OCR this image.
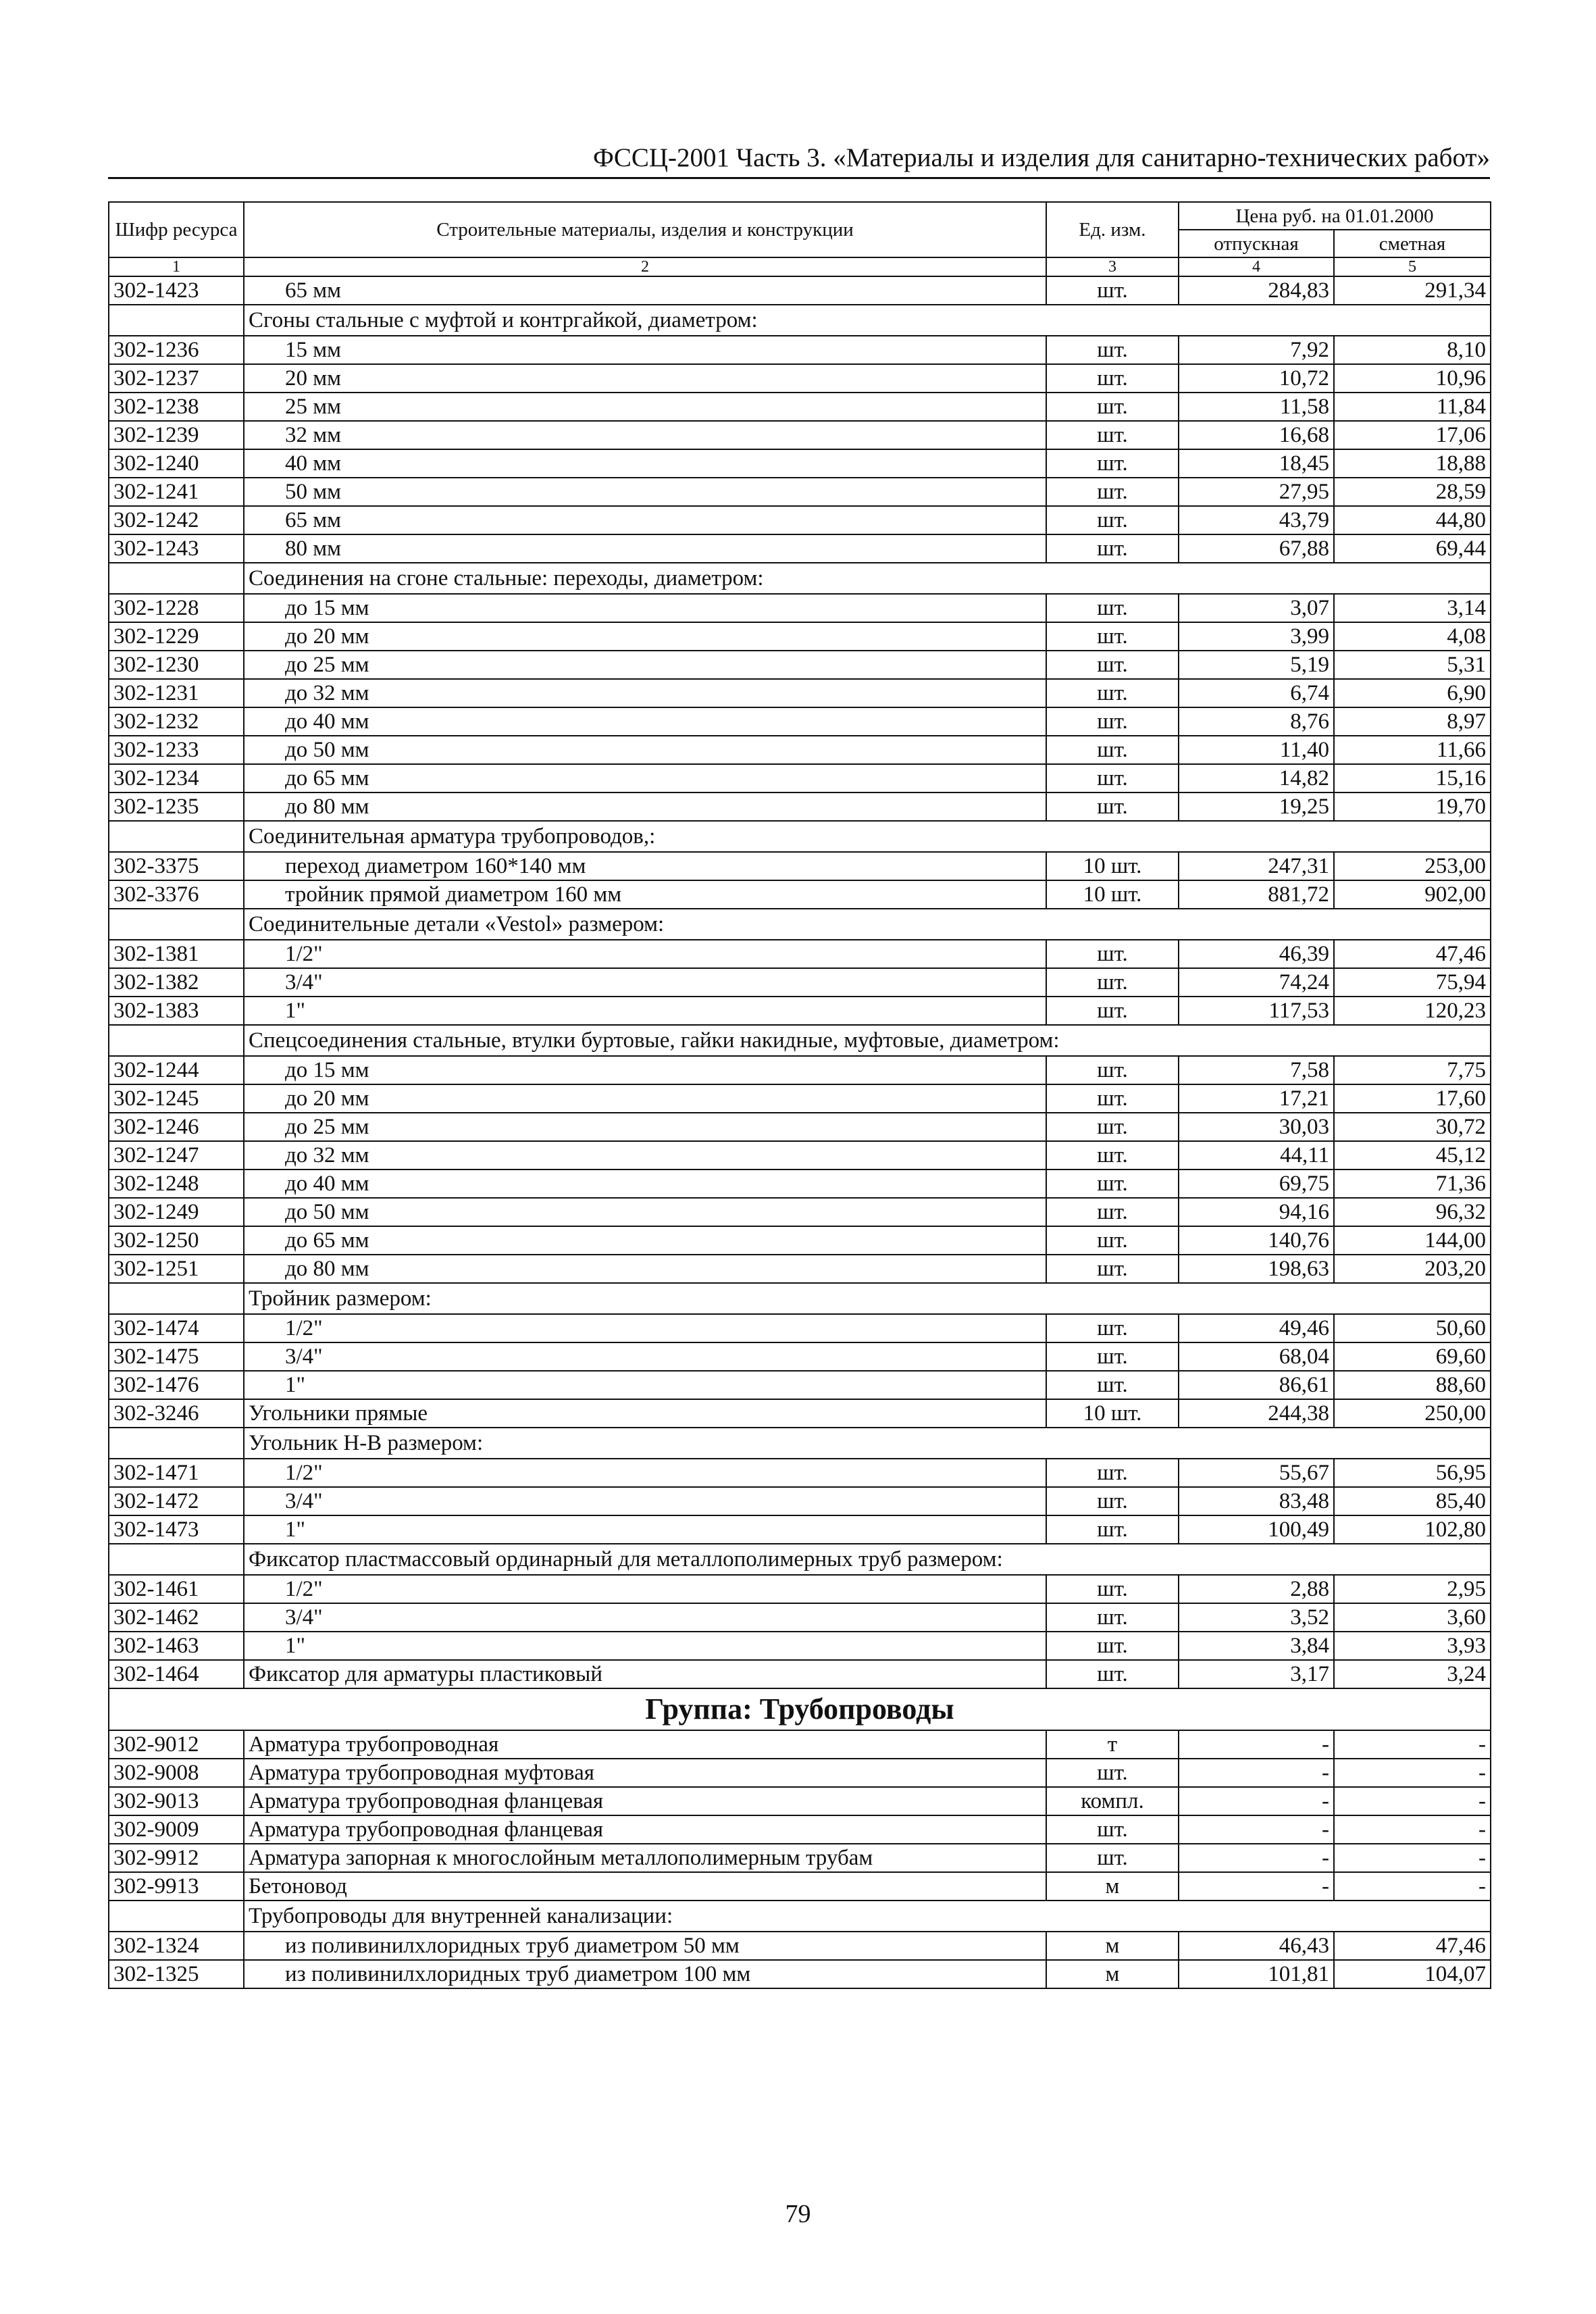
ФССЦ-2001 Часть 3. «Материалы и изделия для санитарно-технических работ»
Шифр ресурса	Строительные материалы, изделия и конструкции	Ед. изм.	Цена руб. на 01.01.2000	
			отпускная	сметная
1	2	3	4	5
302-1423	65 мм	шт.	284,83	291,34
	Сгоны стальные с муфтой и контргайкой, диаметром:			
302-1236	15 мм	шт.	7,92	8,10
302-1237	20 мм	шт.	10,72	10,96
302-1238	25 мм	шт.	11,58	11,84
302-1239	32 мм	шт.	16,68	17,06
302-1240	40 мм	шт.	18,45	18,88
302-1241	50 мм	шт.	27,95	28,59
302-1242	65 мм	шт.	43,79	44,80
302-1243	80 мм	шт.	67,88	69,44
	Соединения на сгоне стальные: переходы, диаметром:			
302-1228	до 15 мм	шт.	3,07	3,14
302-1229	до 20 мм	шт.	3,99	4,08
302-1230	до 25 мм	шт.	5,19	5,31
302-1231	до 32 мм	шт.	6,74	6,90
302-1232	до 40 мм	шт.	8,76	8,97
302-1233	до 50 мм	шт.	11,40	11,66
302-1234	до 65 мм	шт.	14,82	15,16
302-1235	до 80 мм	шт.	19,25	19,70
	Соединительная арматура трубопроводов,:			
302-3375	переход диаметром 160*140 мм	10 шт.	247,31	253,00
302-3376	тройник прямой диаметром 160 мм	10 шт.	881,72	902,00
	Соединительные детали «Vestol» размером:			
302-1381	1/2"	шт.	46,39	47,46
302-1382	3/4"	шт.	74,24	75,94
302-1383	1"	шт.	117,53	120,23
	Спецсоединения стальные, втулки буртовые, гайки накидные, муфтовые, диаметром:			
302-1244	до 15 мм	шт.	7,58	7,75
302-1245	до 20 мм	шт.	17,21	17,60
302-1246	до 25 мм	шт.	30,03	30,72
302-1247	до 32 мм	шт.	44,11	45,12
302-1248	до 40 мм	шт.	69,75	71,36
302-1249	до 50 мм	шт.	94,16	96,32
302-1250	до 65 мм	шт.	140,76	144,00
302-1251	до 80 мм	шт.	198,63	203,20
	Тройник размером:			
302-1474	1/2"	шт.	49,46	50,60
302-1475	3/4"	шт.	68,04	69,60
302-1476	1"	шт.	86,61	88,60
302-3246	Угольники прямые	10 шт.	244,38	250,00
	Угольник Н-В размером:			
302-1471	1/2"	шт.	55,67	56,95
302-1472	3/4"	шт.	83,48	85,40
302-1473	1"	шт.	100,49	102,80
	Фиксатор пластмассовый ординарный для металлополимерных труб размером:			
302-1461	1/2"	шт.	2,88	2,95
302-1462	3/4"	шт.	3,52	3,60
302-1463	1"	шт.	3,84	3,93
302-1464	Фиксатор для арматуры пластиковый	шт.	3,17	3,24
Группа: Трубопроводы				
302-9012	Арматура трубопроводная	т	-	-
302-9008	Арматура трубопроводная муфтовая	шт.	-	-
302-9013	Арматура трубопроводная фланцевая	компл.	-	-
302-9009	Арматура трубопроводная фланцевая	шт.	-	-
302-9912	Арматура запорная к многослойным металлополимерным трубам	шт.	-	-
302-9913	Бетоновод	м	-	-
	Трубопроводы для внутренней канализации:			
302-1324	из поливинилхлоридных труб диаметром 50 мм	м	46,43	47,46
302-1325	из поливинилхлоридных труб диаметром 100 мм	м	101,81	104,07
79
